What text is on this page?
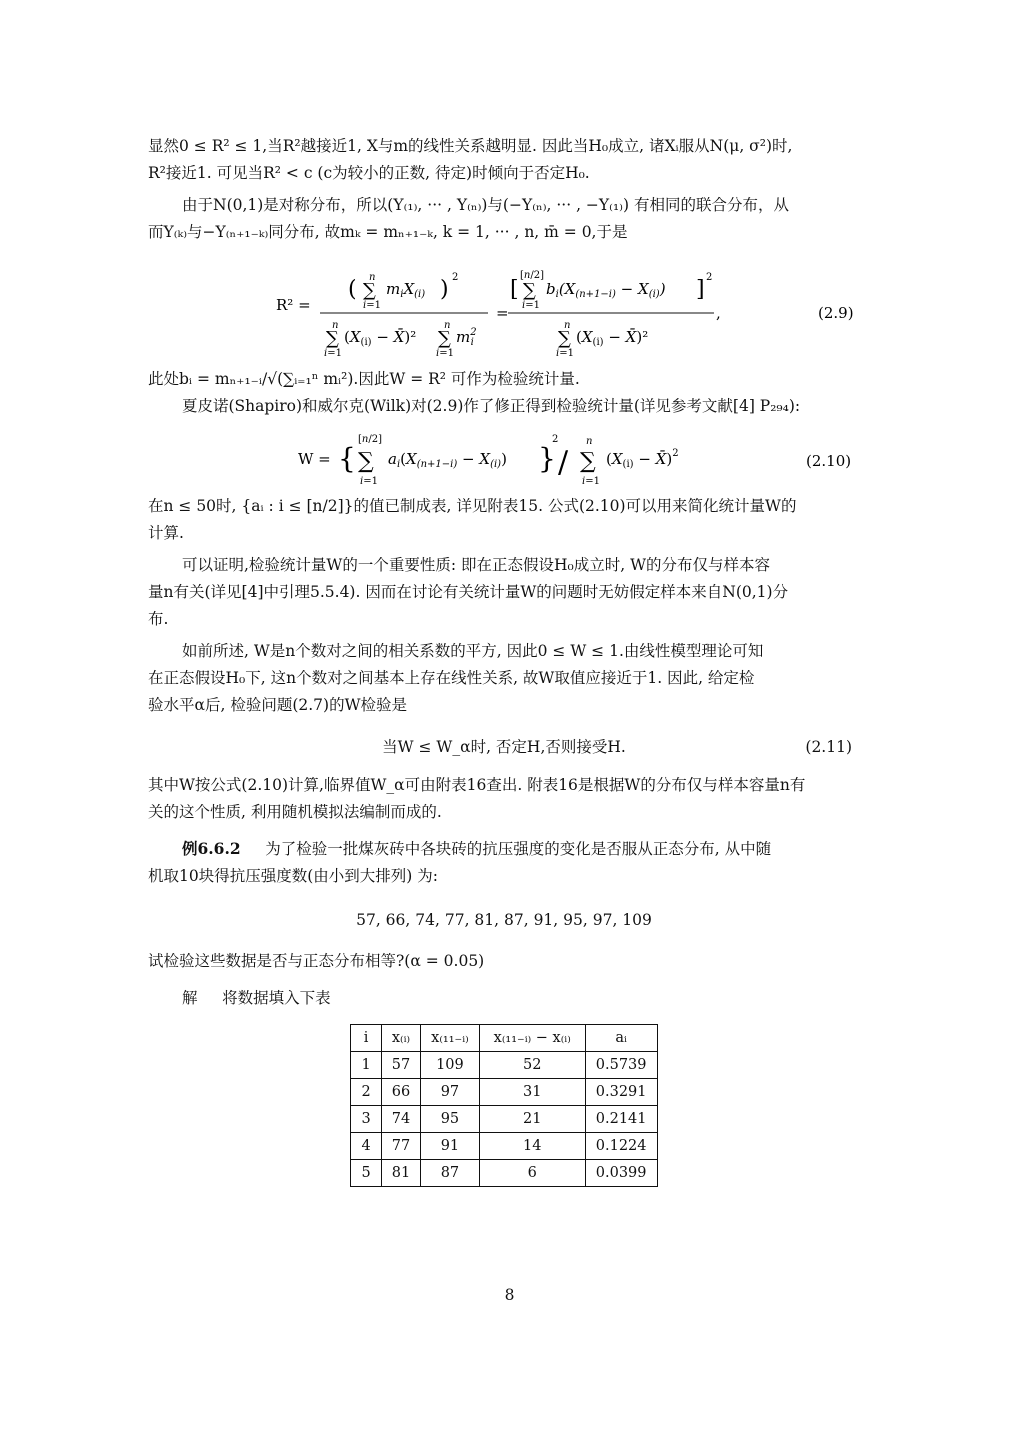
显然0 ≤ R² ≤ 1,当R²越接近1, X与m的线性关系越明显. 因此当H₀成立, 诸Xᵢ服从N(μ, σ²)时,
R²接近1. 可见当R² < c (c为较小的正数, 待定)时倾向于否定H₀.

由于N(0,1)是对称分布，所以(Y₍₁₎, ··· , Y₍ₙ₎)与(−Y₍ₙ₎, ··· , −Y₍₁₎) 有相同的联合分布，从
而Y₍ₖ₎与−Y₍ₙ₊₁₋ₖ₎同分布, 故mₖ = mₙ₊₁₋ₖ, k = 1, ··· , n, m̄ = 0,于是

R² =
( n
∑
i=1
$m_iX_{(i)}$ ) 2
∑
n
i=1
($X_{(i)}$ − X̄)² ∑
n
i=1
$m^2$ i
=
[
[n/2]
∑
i=1
$b_i(X_{(n+1-i)} - X_{(i)})$ ] 2
∑
n
i=1
($X_{(i)}$ − X̄)²
,	(2.9)

此处bᵢ = mₙ₊₁₋ᵢ/√(∑ᵢ₌₁ⁿ mᵢ²).因此W = R² 可作为检验统计量.

夏皮诺(Shapiro)和威尔克(Wilk)对(2.9)作了修正得到检验统计量(详见参考文献[4] P₂₉₄):

W = {
[n/2]
∑
i=1
$a_i(X_{(n+1-i)} - X_{(i)})$ }
2
/ ∑
n
i=1
($X_{(i)}$ − X̄)$^2$	(2.10)

在n ≤ 50时, {aᵢ : i ≤ [n/2]}的值已制成表, 详见附表15. 公式(2.10)可以用来简化统计量W的
计算.

可以证明,检验统计量W的一个重要性质: 即在正态假设H₀成立时, W的分布仅与样本容
量n有关(详见[4]中引理5.5.4). 因而在讨论有关统计量W的问题时无妨假定样本来自N(0,1)分
布.

如前所述, W是n个数对之间的相关系数的平方, 因此0 ≤ W ≤ 1.由线性模型理论可知
在正态假设H₀下, 这n个数对之间基本上存在线性关系, 故W取值应接近于1. 因此, 给定检
验水平α后, 检验问题(2.7)的W检验是

当W ≤ W_α时, 否定H,否则接受H.	(2.11)

其中W按公式(2.10)计算,临界值W_α可由附表16查出. 附表16是根据W的分布仅与样本容量n有
关的这个性质, 利用随机模拟法编制而成的.

例6.6.2 为了检验一批煤灰砖中各块砖的抗压强度的变化是否服从正态分布, 从中随
机取10块得抗压强度数(由小到大排列) 为:

57, 66, 74, 77, 81, 87, 91, 95, 97, 109

试检验这些数据是否与正态分布相等?(α = 0.05)

解 将数据填入下表

i	x₍ᵢ₎	x₍₁₁₋ᵢ₎	x₍₁₁₋ᵢ₎ − x₍ᵢ₎	aᵢ
1	57	109	52	0.5739
2	66	97	31	0.3291
3	74	95	21	0.2141
4	77	91	14	0.1224
5	81	87	6	0.0399
8
